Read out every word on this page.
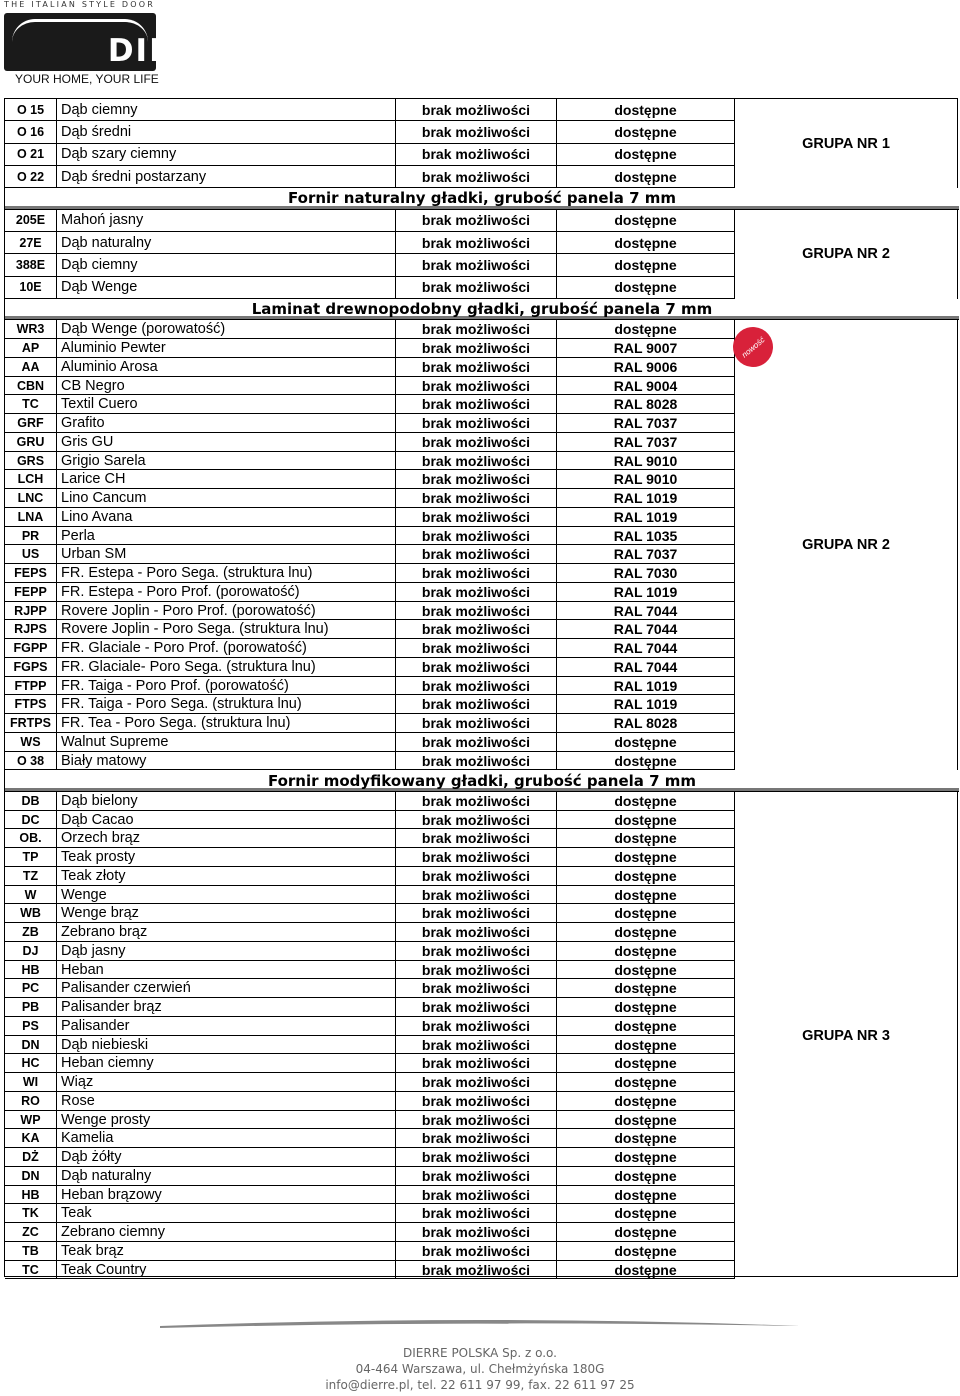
THE ITALIAN STYLE DOOR
DIERRE
YOUR HOME, YOUR LIFE
O 15	Dąb ciemny	brak możliwości	dostępne
O 16	Dąb średni	brak możliwości	dostępne
O 21	Dąb szary ciemny	brak możliwości	dostępne
O 22	Dąb średni postarzany	brak możliwości	dostępne
GRUPA NR 1
Fornir naturalny gładki, grubość panela 7 mm
205E	Mahoń jasny	brak możliwości	dostępne
27E	Dąb naturalny	brak możliwości	dostępne
388E	Dąb ciemny	brak możliwości	dostępne
10E	Dąb Wenge	brak możliwości	dostępne
GRUPA NR 2
Laminat drewnopodobny gładki, grubość panela 7 mm
WR3	Dąb Wenge (porowatość)	brak możliwości	dostępne
AP	Aluminio Pewter	brak możliwości	RAL 9007
AA	Aluminio Arosa	brak możliwości	RAL 9006
CBN	CB Negro	brak możliwości	RAL 9004
TC	Textil Cuero	brak możliwości	RAL 8028
GRF	Grafito	brak możliwości	RAL 7037
GRU	Gris GU	brak możliwości	RAL 7037
GRS	Grigio Sarela	brak możliwości	RAL 9010
LCH	Larice CH	brak możliwości	RAL 9010
LNC	Lino Cancum	brak możliwości	RAL 1019
LNA	Lino Avana	brak możliwości	RAL 1019
PR	Perla	brak możliwości	RAL 1035
US	Urban SM	brak możliwości	RAL 7037
FEPS FR. Estepa - Poro Sega. (struktura lnu)	brak możliwości	RAL 7030
FEPP FR. Estepa - Poro Prof. (porowatość)	brak możliwości	RAL 1019
RJPP Rovere Joplin - Poro Prof. (porowatość)	brak możliwości	RAL 7044
RJPS Rovere Joplin - Poro Sega. (struktura lnu)	brak możliwości	RAL 7044
FGPP FR. Glaciale - Poro Prof. (porowatość)	brak możliwości	RAL 7044
FGPS FR. Glaciale- Poro Sega. (struktura lnu)	brak możliwości	RAL 7044
FTPP	FR. Taiga - Poro Prof. (porowatość)	brak możliwości	RAL 1019
FTPS	FR. Taiga - Poro Sega. (struktura lnu)	brak możliwości	RAL 1019
FRTPS FR. Tea - Poro Sega. (struktura lnu)	brak możliwości	RAL 8028
WS	Walnut Supreme	brak możliwości	dostępne
O 38	Biały matowy	brak możliwości	dostępne
GRUPA NR 2
Fornir modyfikowany gładki, grubość panela 7 mm
DB	Dąb bielony	brak możliwości	dostępne
DC	Dąb Cacao	brak możliwości	dostępne
OB.	Orzech brąz	brak możliwości	dostępne
TP	Teak prosty	brak możliwości	dostępne
TZ	Teak złoty	brak możliwości	dostępne
W	Wenge	brak możliwości	dostępne
WB	Wenge brąz	brak możliwości	dostępne
ZB	Zebrano brąz	brak możliwości	dostępne
DJ	Dąb jasny	brak możliwości	dostępne
HB	Heban	brak możliwości	dostępne
PC	Palisander czerwień	brak możliwości	dostępne
PB	Palisander brąz	brak możliwości	dostępne
PS	Palisander	brak możliwości	dostępne
DN	Dąb niebieski	brak możliwości	dostępne
HC	Heban ciemny	brak możliwości	dostępne
WI	Wiąz	brak możliwości	dostępne
RO	Rose	brak możliwości	dostępne
WP	Wenge prosty	brak możliwości	dostępne
KA	Kamelia	brak możliwości	dostępne
DŻ	Dąb żółty	brak możliwości	dostępne
DN	Dąb naturalny	brak możliwości	dostępne
HB	Heban brązowy	brak możliwości	dostępne
TK	Teak	brak możliwości	dostępne
ZC	Zebrano ciemny	brak możliwości	dostępne
TB	Teak brąz	brak możliwości	dostępne
TC	Teak Country	brak możliwości	dostępne
GRUPA NR 3
nowość
DIERRE POLSKA Sp. z o.o.
04-464 Warszawa, ul. Chełmżyńska 180G
info@dierre.pl, tel. 22 611 97 99, fax. 22 611 97 25
